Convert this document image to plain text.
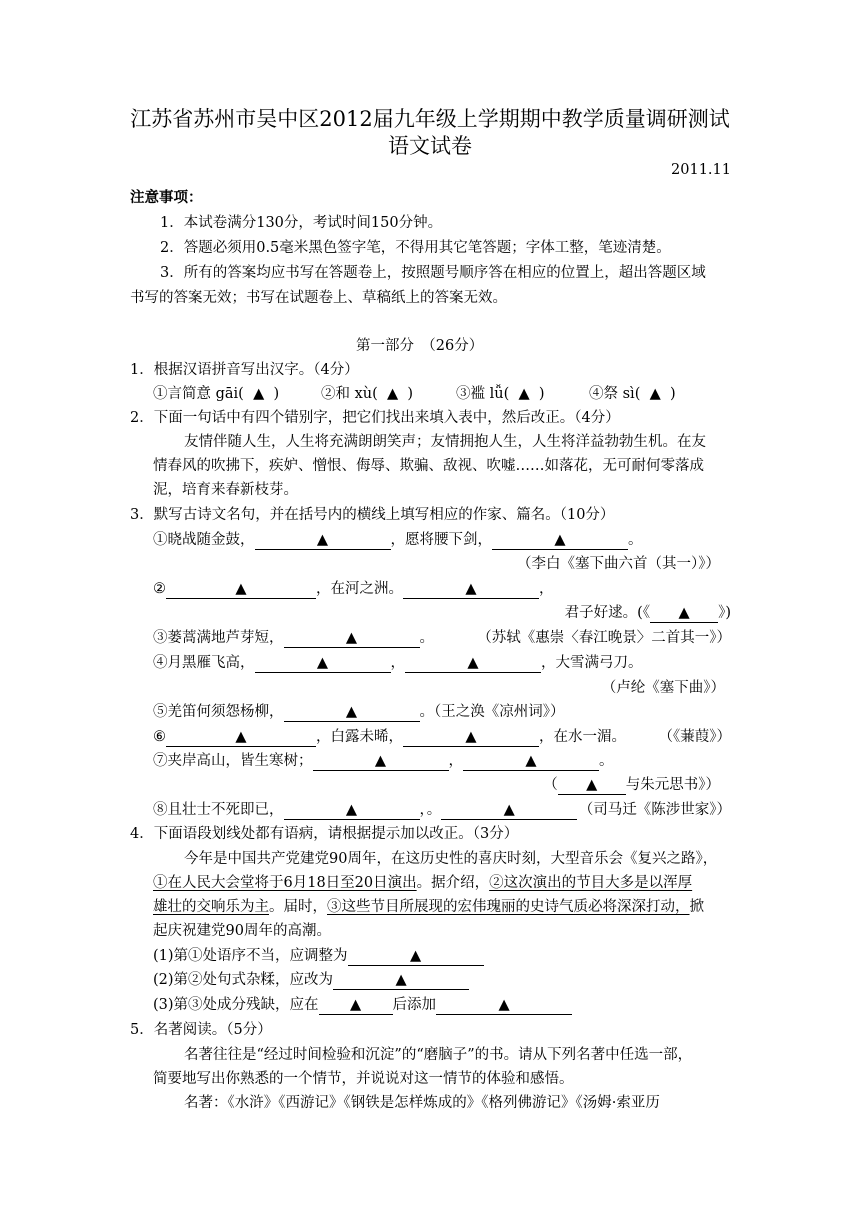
江苏省苏州市吴中区2012届九年级上学期期中教学质量调研测试
语文试卷
2011.11
注意事项：
1．本试卷满分130分，考试时间150分钟。
2．答题必须用0.5毫米黑色签字笔，不得用其它笔答题；字体工整，笔迹清楚。
3．所有的答案均应书写在答题卷上，按照题号顺序答在相应的位置上，超出答题区域
书写的答案无效；书写在试题卷上、草稿纸上的答案无效。
第一部分　（26分）
1．根据汉语拼音写出汉字。（4分）
①言简意 gāi( ▲ )	②和 xù( ▲ )	③褴 lǚ( ▲ )	④祭 sì( ▲ )
2．下面一句话中有四个错别字，把它们找出来填入表中，然后改正。（4分）
友情伴随人生，人生将充满朗朗笑声；友情拥抱人生，人生将洋益勃勃生机。在友
情春风的吹拂下，疾妒、憎恨、侮辱、欺骗、敌视、吹嘘……如落花，无可耐何零落成
泥，培育来春新枝芽。
3．默写古诗文名句，并在括号内的横线上填写相应的作家、篇名。（10分）
①晓战随金鼓，	▲	，愿将腰下剑，	▲	。
（李白《塞下曲六首（其一）》）
②	▲	，在河之洲。	▲	，
君子好逑。(《 ▲ 》)
③蒌蒿满地芦芽短，	▲	。	（苏轼《惠崇〈春江晚景〉二首其一》）
④月黑雁飞高，	▲	，	▲	，大雪满弓刀。
（卢纶《塞下曲》）
⑤羌笛何须怨杨柳，	▲	。（王之涣《凉州词》）
⑥	▲	，白露未晞，	▲	，在水一湄。 （《蒹葭》）
⑦夹岸高山，皆生寒树；	▲	，	▲	。
（ ▲ 与朱元思书》）
⑧且壮士不死即已，	▲	，。	▲	（司马迁《陈涉世家》）
4．下面语段划线处都有语病，请根据提示加以改正。（3分）
今年是中国共产党建党90周年，在这历史性的喜庆时刻，大型音乐会《复兴之路》，
①在人民大会堂将于6月18日至20日演出。据介绍，②这次演出的节目大多是以浑厚
雄壮的交响乐为主。届时，③这些节目所展现的宏伟瑰丽的史诗气质必将深深打动，掀
起庆祝建党90周年的高潮。
(1)第①处语序不当，应调整为	▲
(2)第②处句式杂糅，应改为	▲
(3)第③处成分残缺，应在 ▲ 后添加	▲
5．名著阅读。（5分）
名著往往是“经过时间检验和沉淀”的“磨脑子”的书。请从下列名著中任选一部，
简要地写出你熟悉的一个情节，并说说对这一情节的体验和感悟。
名著：《水浒》《西游记》《钢铁是怎样炼成的》《格列佛游记》《汤姆·索亚历
